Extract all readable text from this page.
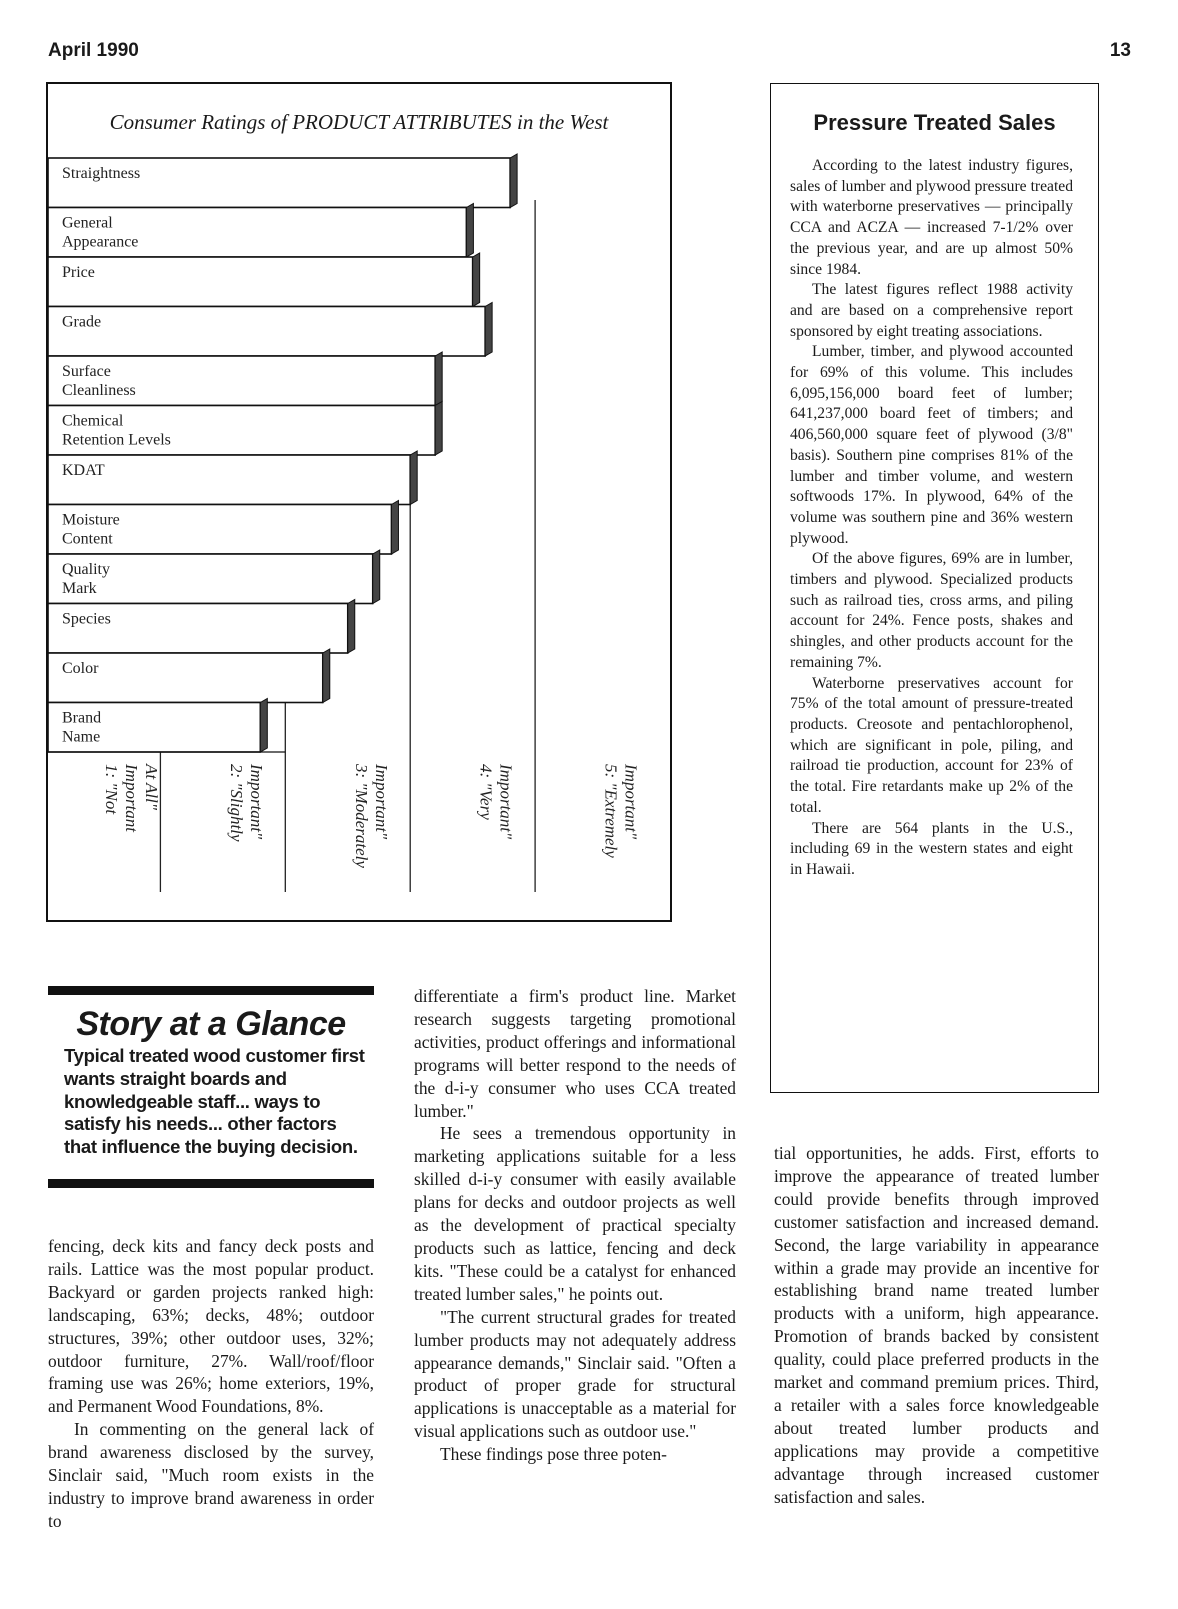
April 1990	13
Consumer Ratings of PRODUCT ATTRIBUTES in the West
Straightness
General
Appearance
Price
Grade
Surface
Cleanliness
Chemical
Retention Levels
KDAT
Moisture
Content
Quality
Mark
Species
Color
Brand
Name
1: "Not Important At All"	2: "Slightly Important"	3: "Moderately Important"	4: "Very Important"	5: "Extremely Important"
Pressure Treated Sales

According to the latest industry figures, sales of lumber and plywood pressure treated with waterborne preservatives — principally CCA and ACZA — increased 7-1/2% over the previous year, and are up almost 50% since 1984.

The latest figures reflect 1988 activity and are based on a comprehensive report sponsored by eight treating associations.

Lumber, timber, and plywood accounted for 69% of this volume. This includes 6,095,156,000 board feet of lumber; 641,237,000 board feet of timbers; and 406,560,000 square feet of plywood (3/8" basis). Southern pine comprises 81% of the lumber and timber volume, and western softwoods 17%. In plywood, 64% of the volume was southern pine and 36% western plywood.

Of the above figures, 69% are in lumber, timbers and plywood. Specialized products such as railroad ties, cross arms, and piling account for 24%. Fence posts, shakes and shingles, and other products account for the remaining 7%.

Waterborne preservatives account for 75% of the total amount of pressure-treated products. Creosote and pentachlorophenol, which are significant in pole, piling, and railroad tie production, account for 23% of the total. Fire retardants make up 2% of the total.

There are 564 plants in the U.S., including 69 in the western states and eight in Hawaii.

Story at a Glance
Typical treated wood customer first wants straight boards and knowledgeable staff... ways to satisfy his needs... other factors that influence the buying decision.

fencing, deck kits and fancy deck posts and rails. Lattice was the most popular product. Backyard or garden projects ranked high: landscaping, 63%; decks, 48%; outdoor structures, 39%; other outdoor uses, 32%; outdoor furniture, 27%. Wall/roof/floor framing use was 26%; home exteriors, 19%, and Permanent Wood Foundations, 8%.

In commenting on the general lack of brand awareness disclosed by the survey, Sinclair said, "Much room exists in the industry to improve brand awareness in order to

differentiate a firm's product line. Market research suggests targeting promotional activities, product offerings and informational programs will better respond to the needs of the d-i-y consumer who uses CCA treated lumber."

He sees a tremendous opportunity in marketing applications suitable for a less skilled d-i-y consumer with easily available plans for decks and outdoor projects as well as the development of practical specialty products such as lattice, fencing and deck kits. "These could be a catalyst for enhanced treated lumber sales," he points out.

"The current structural grades for treated lumber products may not adequately address appearance demands," Sinclair said. "Often a product of proper grade for structural applications is unacceptable as a material for visual applications such as outdoor use."

These findings pose three poten-

tial opportunities, he adds. First, efforts to improve the appearance of treated lumber could provide benefits through improved customer satisfaction and increased demand. Second, the large variability in appearance within a grade may provide an incentive for establishing brand name treated lumber products with a uniform, high appearance. Promotion of brands backed by consistent quality, could place preferred products in the market and command premium prices. Third, a retailer with a sales force knowledgeable about treated lumber products and applications may provide a competitive advantage through increased customer satisfaction and sales.
